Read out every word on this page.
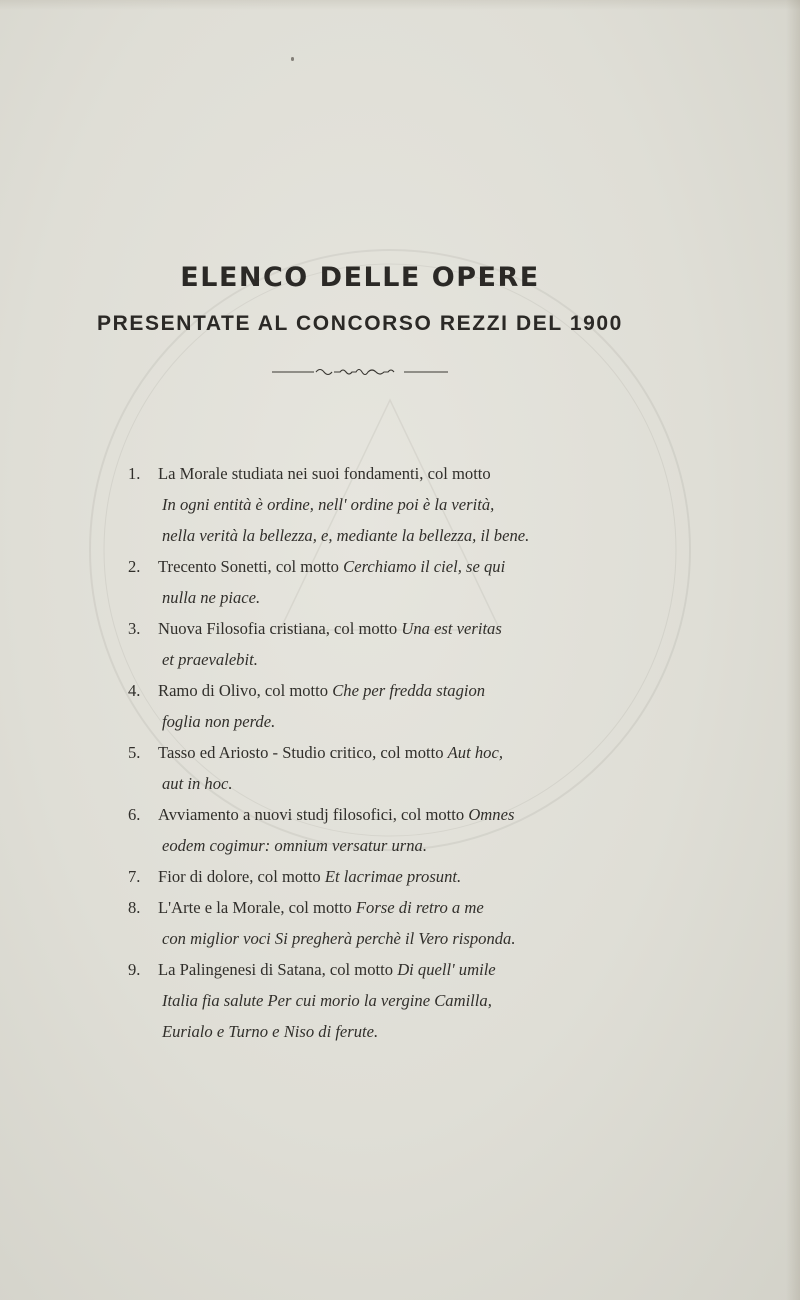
ELENCO DELLE OPERE
PRESENTATE AL CONCORSO REZZI DEL 1900
1. La Morale studiata nei suoi fondamenti, col motto
In ogni entità è ordine, nell' ordine poi è la verità,
nella verità la bellezza, e, mediante la bellezza, il bene.
2. Trecento Sonetti, col motto Cerchiamo il ciel, se qui
nulla ne piace.
3. Nuova Filosofia cristiana, col motto Una est veritas
et praevalebit.
4. Ramo di Olivo, col motto Che per fredda stagion
foglia non perde.
5. Tasso ed Ariosto - Studio critico, col motto Aut hoc,
aut in hoc.
6. Avviamento a nuovi studj filosofici, col motto Omnes
eodem cogimur: omnium versatur urna.
7. Fior di dolore, col motto Et lacrimae prosunt.
8. L'Arte e la Morale, col motto Forse di retro a me
con miglior voci Si pregherà perchè il Vero risponda.
9. La Palingenesi di Satana, col motto Di quell' umile
Italia fia salute Per cui morio la vergine Camilla,
Eurialo e Turno e Niso di ferute.
